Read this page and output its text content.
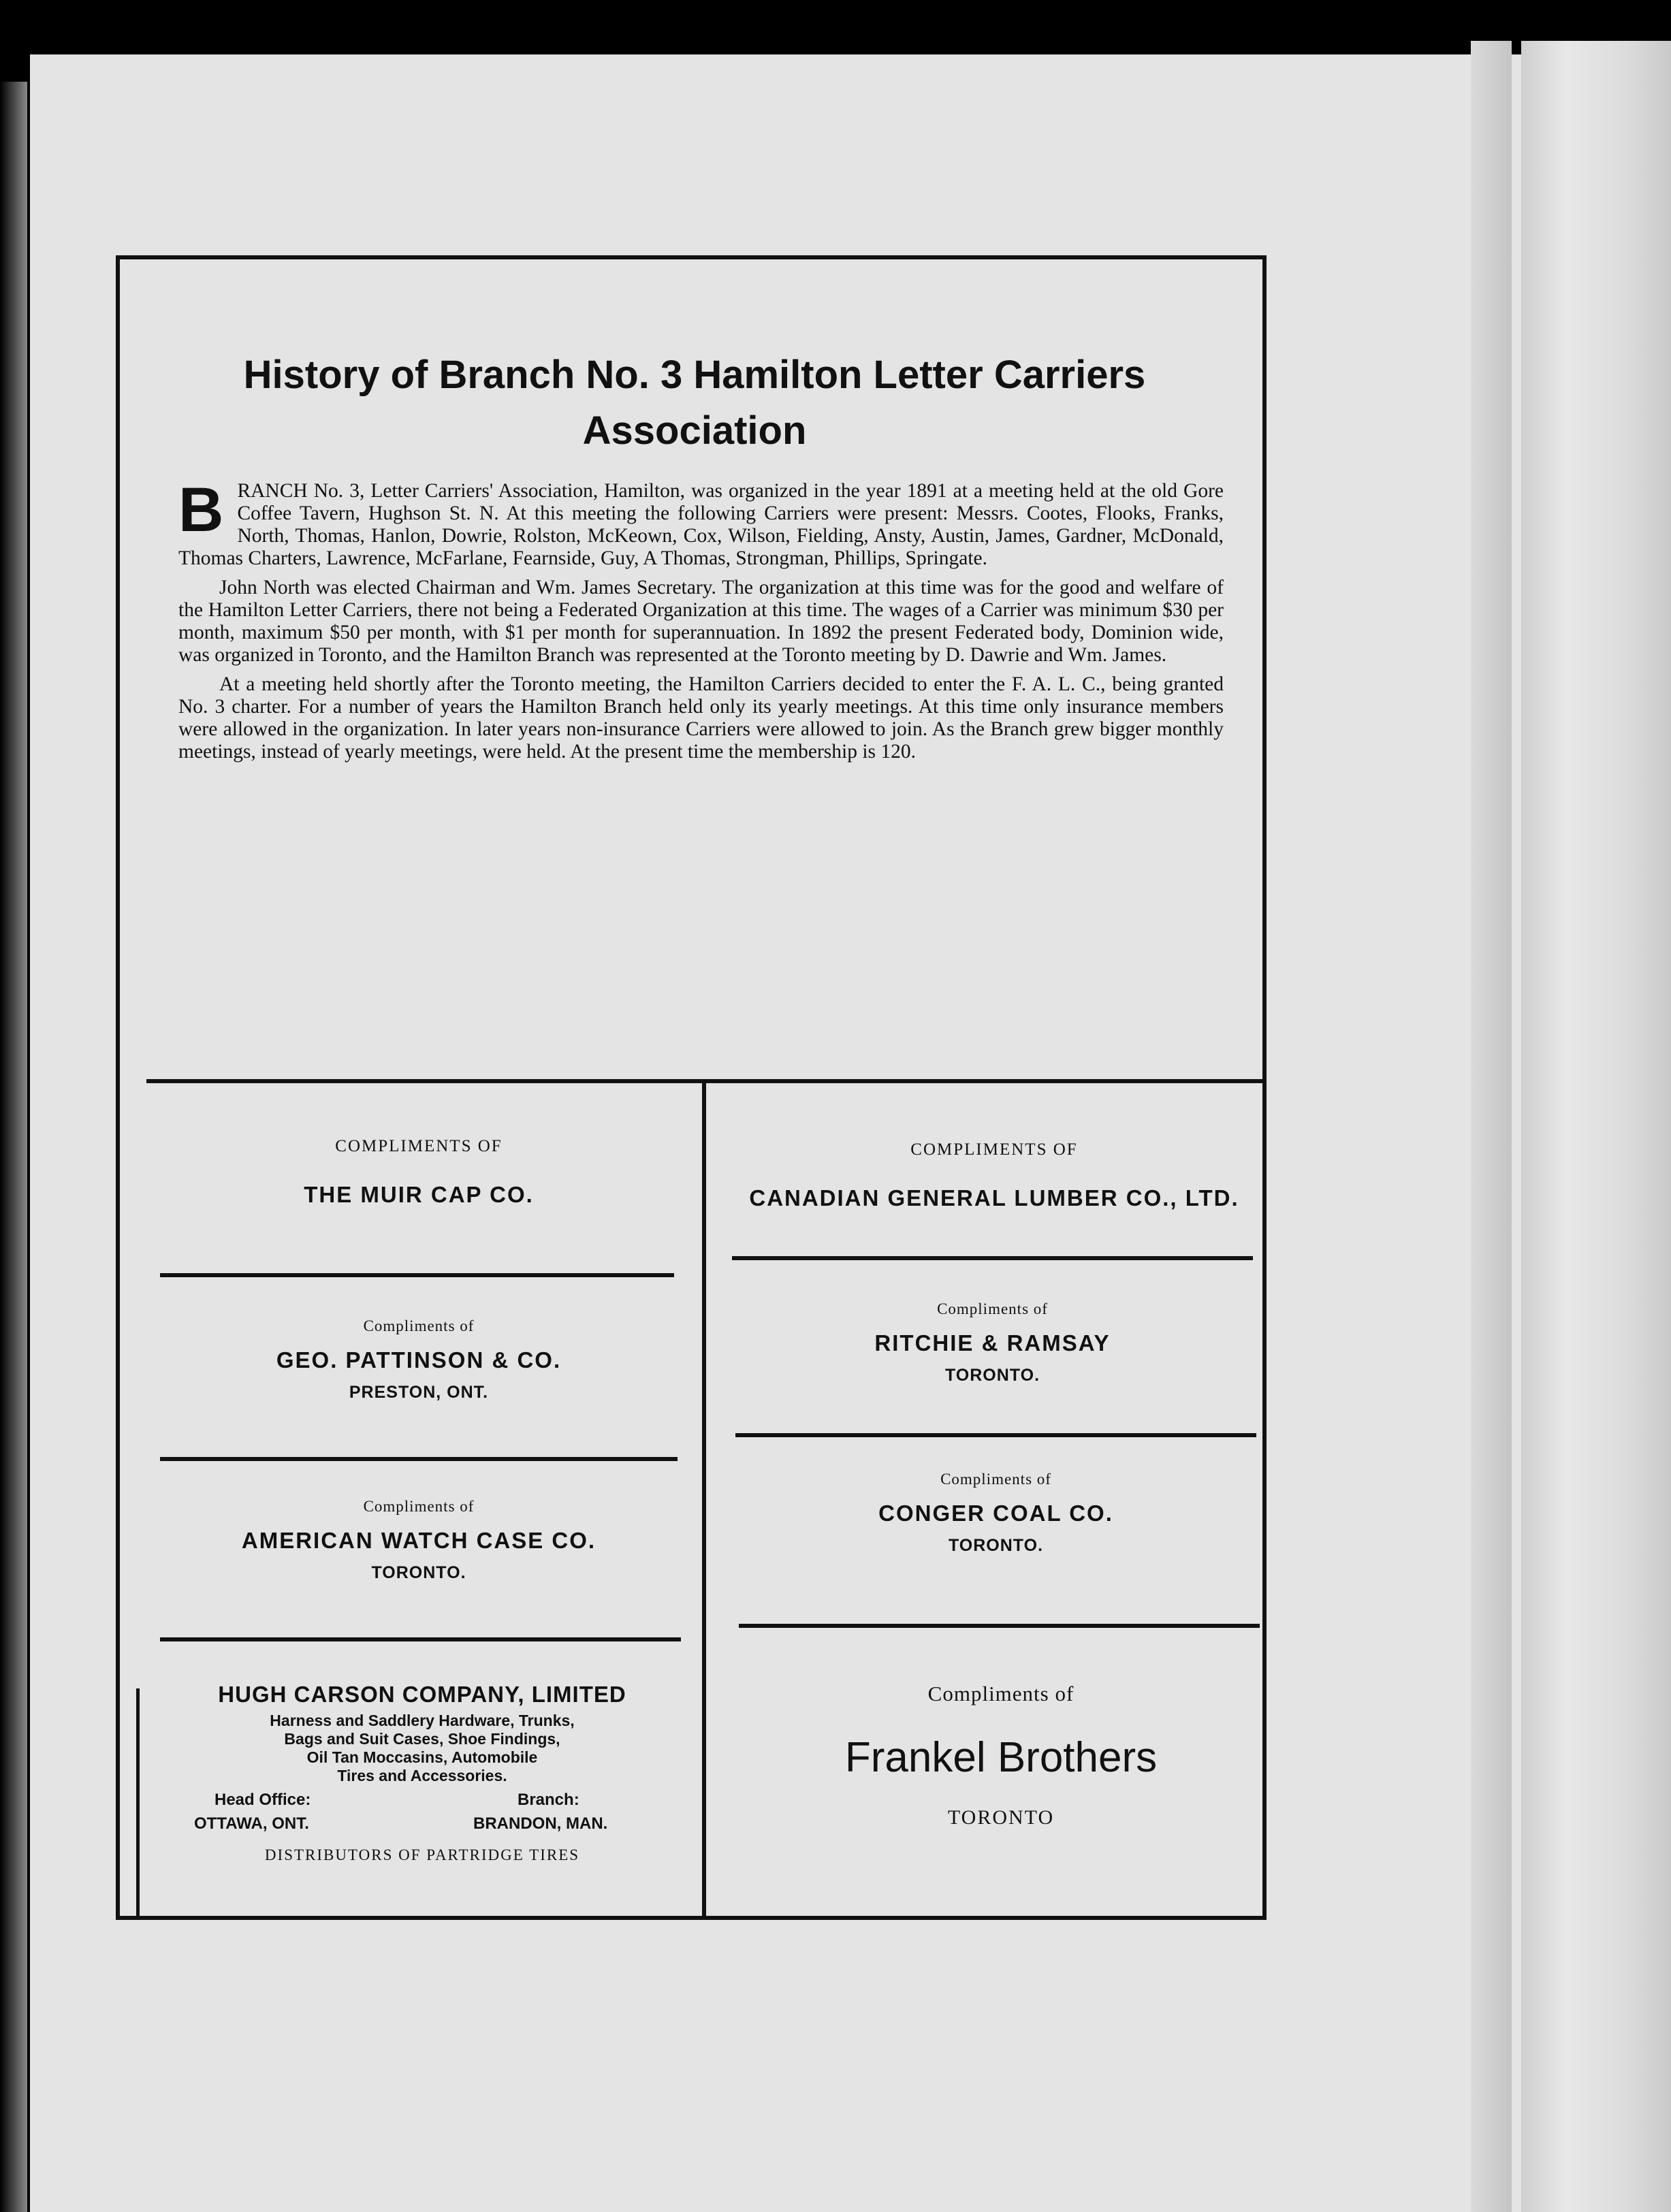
History of Branch No. 3 Hamilton Letter Carriers
Association

BRANCH No. 3, Letter Carriers' Association, Hamilton, was organized in the year 1891 at a meeting held at the old Gore Coffee Tavern, Hughson St. N. At this meeting the following Carriers were present: Messrs. Cootes, Flooks, Franks, North, Thomas, Hanlon, Dowrie, Rolston, McKeown, Cox, Wilson, Fielding, Ansty, Austin, James, Gardner, McDonald, Thomas Charters, Lawrence, McFarlane, Fearnside, Guy, A Thomas, Strongman, Phillips, Springate.

John North was elected Chairman and Wm. James Secretary. The organization at this time was for the good and welfare of the Hamilton Letter Carriers, there not being a Federated Organization at this time. The wages of a Carrier was minimum $30 per month, maximum $50 per month, with $1 per month for superannuation. In 1892 the present Federated body, Dominion wide, was organized in Toronto, and the Hamilton Branch was represented at the Toronto meeting by D. Dawrie and Wm. James.

At a meeting held shortly after the Toronto meeting, the Hamilton Carriers decided to enter the F. A. L. C., being granted No. 3 charter. For a number of years the Hamilton Branch held only its yearly meetings. At this time only insurance members were allowed in the organization. In later years non-insurance Carriers were allowed to join. As the Branch grew bigger monthly meetings, instead of yearly meetings, were held. At the present time the membership is 120.

COMPLIMENTS OF
THE MUIR CAP CO.
Compliments of
GEO. PATTINSON & CO.
PRESTON, ONT.
Compliments of
AMERICAN WATCH CASE CO.
TORONTO.
HUGH CARSON COMPANY, LIMITED
Harness and Saddlery Hardware, Trunks,
Bags and Suit Cases, Shoe Findings,
Oil Tan Moccasins, Automobile
Tires and Accessories.
Head Office:	Branch:
OTTAWA, ONT.	BRANDON, MAN.
DISTRIBUTORS OF PARTRIDGE TIRES
COMPLIMENTS OF
CANADIAN GENERAL LUMBER CO., LTD.
Compliments of
RITCHIE & RAMSAY
TORONTO.
Compliments of
CONGER COAL CO.
TORONTO.
Compliments of
Frankel Brothers
TORONTO
